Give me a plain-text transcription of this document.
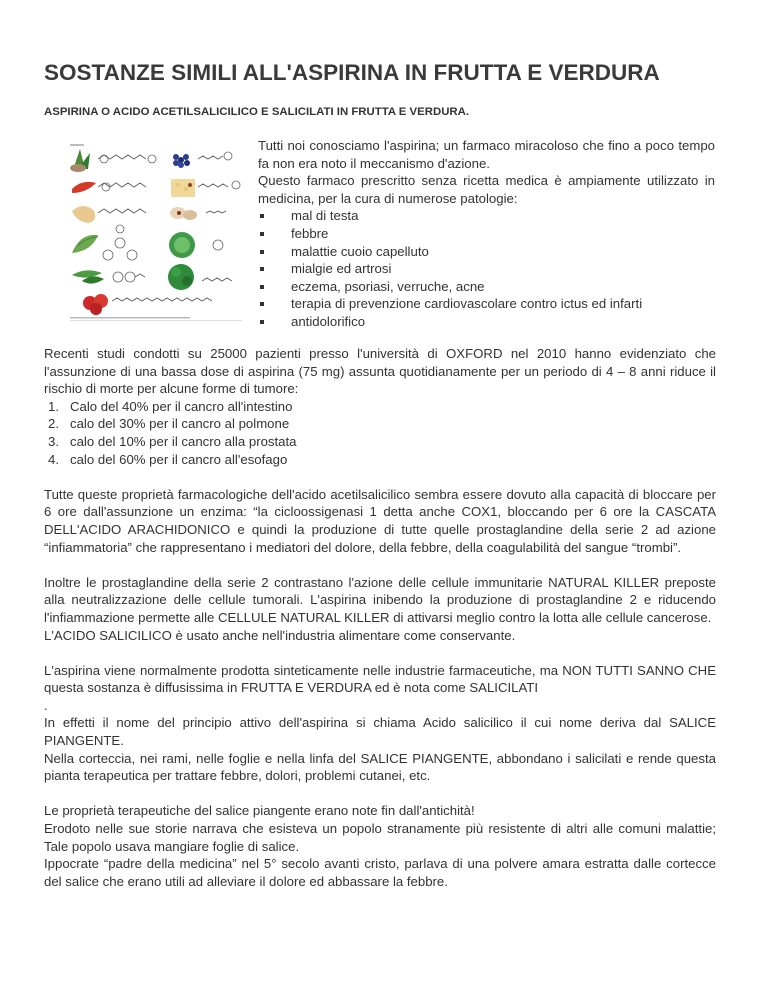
SOSTANZE SIMILI ALL'ASPIRINA IN FRUTTA E VERDURA
ASPIRINA O ACIDO ACETILSALICILICO E SALICILATI IN FRUTTA E VERDURA.

Tutti noi conosciamo l'aspirina; un farmaco miracoloso che fino a poco tempo fa non era noto il meccanismo d'azione.

Questo farmaco prescritto senza ricetta medica è ampiamente utilizzato in medicina, per la cura di numerose patologie:

mal di testa
febbre
malattie cuoio capelluto
mialgie ed artrosi
eczema, psoriasi, verruche, acne
terapia di prevenzione cardiovascolare contro ictus ed infarti
antidolorifico

Recenti studi condotti su 25000 pazienti presso l'università di OXFORD nel 2010 hanno evidenziato che l'assunzione di una bassa dose di aspirina (75 mg) assunta quotidianamente per un periodo di 4 – 8 anni riduce il rischio di morte per alcune forme di tumore:

1. Calo del 40% per il cancro all'intestino
2. calo del 30% per il cancro al polmone
3. calo del 10% per il cancro alla prostata
4. calo del 60% per il cancro all'esofago

Tutte queste proprietà farmacologiche dell'acido acetilsalicilico sembra essere dovuto alla capacità di bloccare per 6 ore dall'assunzione un enzima: “la cicloossigenasi 1 detta anche COX1, bloccando per 6 ore la CASCATA DELL'ACIDO ARACHIDONICO e quindi la produzione di tutte quelle prostaglandine della serie 2 ad azione “infiammatoria” che rappresentano i mediatori del dolore, della febbre, della coagulabilità del sangue “trombi”.

Inoltre le prostaglandine della serie 2 contrastano l'azione delle cellule immunitarie NATURAL KILLER preposte alla neutralizzazione delle cellule tumorali. L'aspirina inibendo la produzione di prostaglandine 2 e riducendo l'infiammazione permette alle CELLULE NATURAL KILLER di attivarsi meglio contro la lotta alle cellule cancerose.

L'ACIDO SALICILICO è usato anche nell'industria alimentare come conservante.

L'aspirina viene normalmente prodotta sinteticamente nelle industrie farmaceutiche, ma NON TUTTI SANNO CHE questa sostanza è diffusissima in FRUTTA E VERDURA ed è nota come SALICILATI

.

In effetti il nome del principio attivo dell'aspirina si chiama Acido salicilico il cui nome deriva dal SALICE PIANGENTE.

Nella corteccia, nei rami, nelle foglie e nella linfa del SALICE PIANGENTE, abbondano i salicilati e rende questa pianta terapeutica per trattare febbre, dolori, problemi cutanei, etc.

Le proprietà terapeutiche del salice piangente erano note fin dall'antichità!

Erodoto nelle sue storie narrava che esisteva un popolo stranamente più resistente di altri alle comuni malattie; Tale popolo usava mangiare foglie di salice.

Ippocrate “padre della medicina” nel 5° secolo avanti cristo, parlava di una polvere amara estratta dalle cortecce del salice che erano utili ad alleviare il dolore ed abbassare la febbre.
